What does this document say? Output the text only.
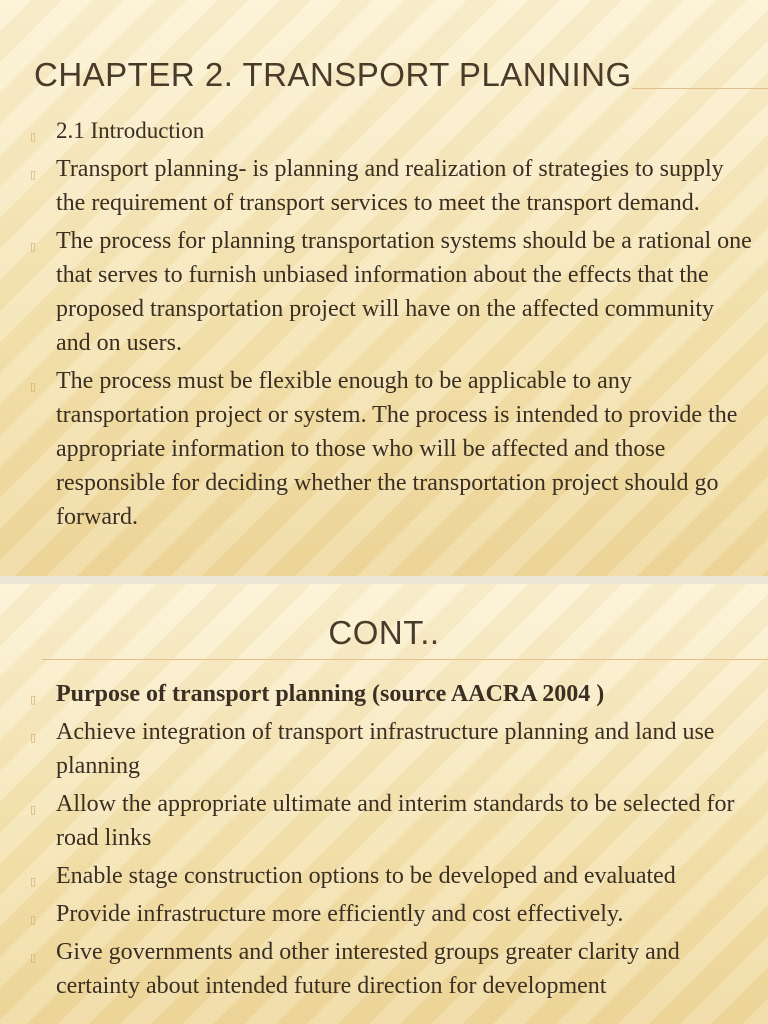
CHAPTER 2. TRANSPORT PLANNING
▯ 2.1 Introduction
▯ Transport planning- is planning and realization of strategies to supply the requirement of transport services to meet the transport demand.
▯ The process for planning transportation systems should be a rational one that serves to furnish unbiased information about the effects that the proposed transportation project will have on the affected community and on users.
▯ The process must be flexible enough to be applicable to any transportation project or system. The process is intended to provide the appropriate information to those who will be affected and those responsible for deciding whether the transportation project should go forward.
CONT..
▯ Purpose of transport planning (source AACRA 2004 )
▯ Achieve integration of transport infrastructure planning and land use planning
▯ Allow the appropriate ultimate and interim standards to be selected for road links
▯ Enable stage construction options to be developed and evaluated
▯ Provide infrastructure more efficiently and cost effectively.
▯ Give governments and other interested groups greater clarity and certainty about intended future direction for development
